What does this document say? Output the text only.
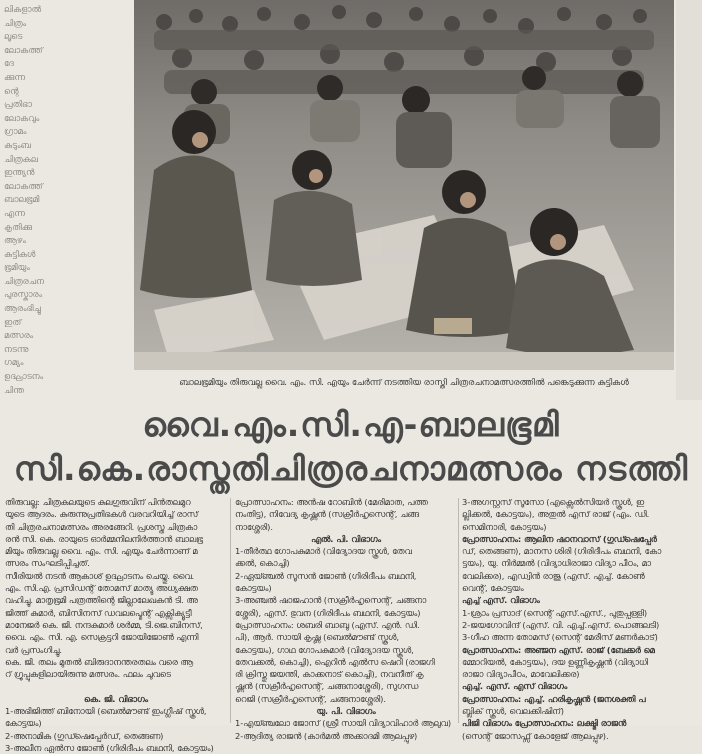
ലികളാൽ

ചിത്രം

ലൂടെ

ലോകത്ത്

ദേ

ക്കുന്ന

ന്റെ

പ്രതിഭാ

ലോകവും

ഗ്രാമം

കുടുംബ

ചിത്രകല

ഇന്ത്യൻ

ലോകത്ത്

ബാലഭൂമി

എന്ന

കൃതിക്കു

ആഴം

കുട്ടികൾ

ഭൂമിയും

ചിത്രരചന

പുരസ്കാരം

ആരംഭിച്ചു

ഇത്

മത്സരം

നടന്നു

ഗമ്യം

ഉദ്ഘാടനം

ചിന്ത

ബാലഭൂമിയും തിരുവല്ല വൈ. എം. സി. എയും ചേർന്ന് നടത്തിയ രാസ്തി ചിത്രരചനാമത്സരത്തിൽ പങ്കെടുക്കുന്ന കുട്ടികൾ
വൈ.എം.സി.എ-ബാലഭൂമി
സി.കെ.രാസ്തതിചിത്രരചനാമത്സരം നടത്തി

തിരുവല്ല: ചിത്രകലയുടെ കുലഗുരുവിന് പിൻതലമുറ

യുടെ ആദരം. കുരുന്നുപ്രതിഭകൾ വരവറിയിച്ച് രാസ്

തി ചിത്രരചനാമത്സരം അരങ്ങേറി. പ്രശസ്ത ചിത്രകാ

രൻ സി. കെ. രായുടെ ഓർമ്മനിലനിർത്താൻ ബാലഭൂ

മിയും തിരുവല്ല വൈ. എം. സി. എയും ചേർന്നാണ് മ

ത്സരം സംഘടിപ്പിച്ചത്.

സീരിയൽ നടൻ ആകാശ് ഉദ്ഘാടനം ചെയ്തു. വൈ.

എം. സി.എ. പ്രസിഡന്റ് തോമസ് മാത്യു അധ്യക്ഷത

വഹിച്ചു. മാതൃഭൂമി പത്രത്തിന്റെ ജില്ലാലേഖകൻ ടി. അ

ജിത്ത് കുമാർ, ബിസിനസ് ഡവലപ്മെന്റ് എക്സിക്യൂട്ടീ

മാനേജർ കെ. ജി. നന്ദകുമാർ ശർമ്മ, ടി.ജെ.ബിനസ്,

വൈ. എം. സി. എ. സെക്രട്ടറി ജോയിജോൺ എന്നി

വർ പ്രസംഗിച്ചു.

കെ. ജി. തലം മുതൽ ബിരുദാനന്തരതലം വരെ ആ

റ് ഗ്രൂപ്പുകളിലായിരുന്നു മത്സരം. ഫലം ചുവടെ

കെ. ജി. വിഭാഗം

1-അഭിജിത്ത് ബിനോയി (ബെൽമൗണ്ട് ഇംഗ്ലീഷ് സ്കൂൾ,

കോട്ടയം)

2-അനാമിക (ഗുഡ്ഷെപ്പേർഡ്, തെങ്ങണ)

3-അലീന ഏൽസ ജോൺ (ഗിരിദീപം ബഥനി, കോട്ടയം)

പ്രോത്സാഹനം: അൻഷ റോബിൻ (മേരിമാത, പത്ത

നംതിട്ട), നിവേദ്യ കൃഷ്ണൻ (സക്രീർഹൃസെന്റ്, ചങ്ങ

നാശ്ശേരി).

എൽ. പി. വിഭാഗം

1-തീർത്ഥ ഗോപകുമാർ (വിദ്യോദയ സ്കൂൾ, തേവ

ക്കൽ, കൊച്ചി)

2-ഏയ്ഞ്ചൽ സൂസൻ ജോൺ (ഗിരിദീപം ബഥനി,

കോട്ടയം)

3-അഞ്ചൽ ഷാജഹാൻ (സക്രീർഹൃസെന്റ്, ചങ്ങനാ

ശ്ശേരി), എസ്. ഭുവന (ഗിരിദീപം ബഥനി, കോട്ടയം)

പ്രോത്സാഹനം: ശബരി ബാബു (എസ്. എൻ. ഡി.

പി), ആർ. സായി കൃഷ്ണ (ബെൽമൗണ്ട് സ്കൂൾ,

കോട്ടയം), ഗാഥ ഗോപകുമാർ (വിദ്യോദയ സ്കൂൾ,

തേവക്കൽ, കൊച്ചി), ഐറിൻ എൽസ ഷെറി (രാജഗി

രി ക്രിസ്തു ജയന്തി, കാക്കനാട് കൊച്ചി), നവനീത് കൃ

ഷ്ണൻ (സക്രീർഹൃസെന്റ്, ചങ്ങനാശ്ശേരി), സുഗന്ധ

റെജി (സക്രീർഹൃസെന്റ്, ചങ്ങനാശ്ശേരി).

യു. പി. വിഭാഗം

1-എയ്ഞ്ചലോ ജോസ് (ശ്രീ സായി വിദ്യാവിഹാർ ആലുവ)

2-ആദിത്യ രാജൻ (കാർമൽ അക്കാദമി ആലപ്പുഴ)

3-അഗസ്റ്റസ് സൂസോ (എക്സെൽസിയർ സ്കൂൾ, ഇ

ല്ലിക്കൽ, കോട്ടയം), അതുൽ എസ് രാജ് (എം. ഡി.

സെമിനാരി, കോട്ടയം)

പ്രോത്സാഹനം: ആലിന ഷാനവാസ് (ഗുഡ്ഷെപ്പേർ

ഡ്, തെങ്ങണ), മാനസ ശിരി (ഗിരിദീപം ബഥനി, കോ

ട്ടയം), യു. നിർമ്മൽ (വിദ്യാധിരാജാ വിദ്യാ പീഠം, മാ

വേലിക്കര), എഡ്വിൻ രാജു (എസ്. എച്ച്. കോൺ

വെന്റ്, കോട്ടയം

എച്ച് എസ്. വിഭാഗം

1-ശ്രാം പ്രസാദ് (സെന്റ് എസ്.എസ്., പുതുപ്പള്ളി)

2-ജയഗോവിന്ദ് (എസ്. വി. എച്ച്.എസ്. പൊങ്ങലടി)

3-ഗീഹ അന്ന തോമസ് (സെന്റ് മേരീസ് മണർകാട്)

പ്രോത്സാഹനം: അഞ്ജന എസ്. രാജ് (ബേക്കർ മെ

മ്മോറിയൽ, കോട്ടയം), ദയ ഉണ്ണികൃഷ്ണൻ (വിദ്യാധി

രാജാ വിദ്യാപീഠം, മാവേലിക്കര)

എച്ച്. എസ്. എസ് വിഭാഗം

പ്രോത്സാഹനം: എച്ച്. ഹരികൃഷ്ണൻ (ജനശക്തി പ

ബ്ലിക് സ്കൂൾ, വെലക്കിഷിന്)

പിജി വിഭാഗം പ്രോത്സാഹനം: ലക്ഷ്മി രാജൻ

(സെന്റ് ജോസഫ്സ് കോളേജ് ആലപ്പുഴ).
